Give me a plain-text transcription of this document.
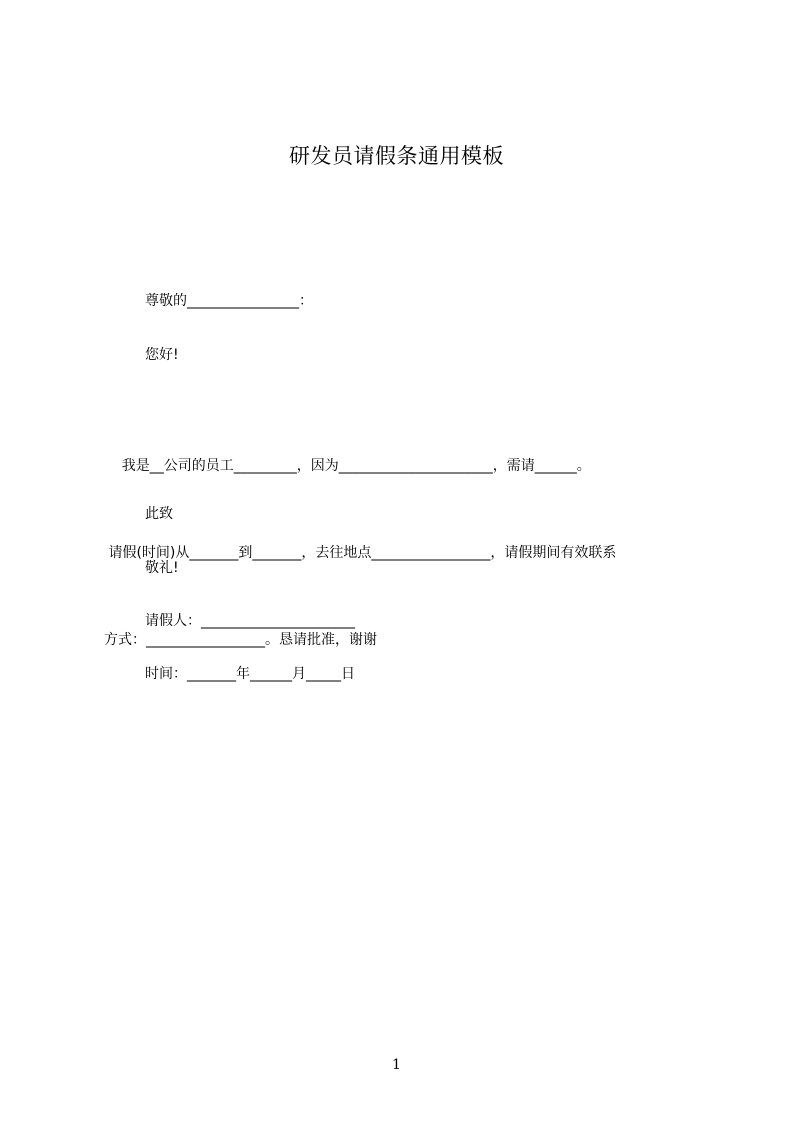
研发员请假条通用模板
尊敬的________________：
您好!

我是__公司的员工_________，因为______________________，需请______。

请假(时间)从_______到_______，去往地点_________________，请假期间有效联系

方式：_________________。恳请批准，谢谢

此致
敬礼!
请假人：______________________
时间：_______年______月_____日
1
